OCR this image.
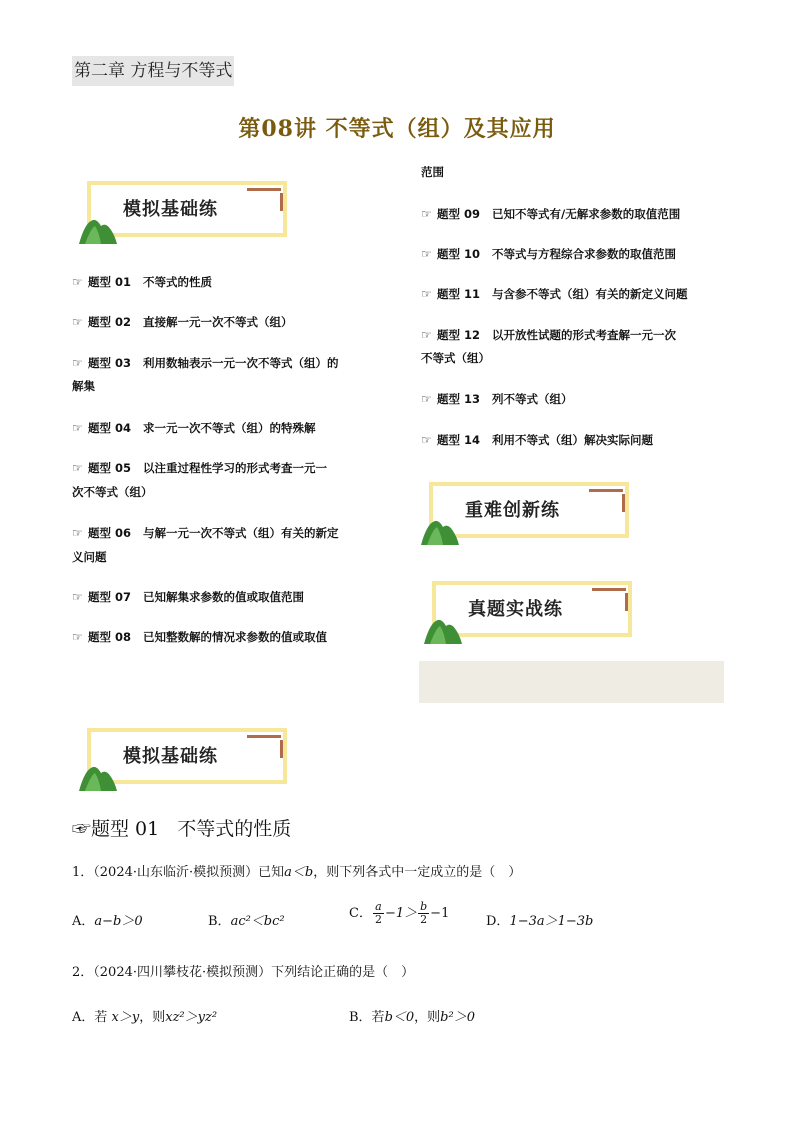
第二章 方程与不等式
第08讲 不等式（组）及其应用
模拟基础练
☞ 题型 01 不等式的性质
☞ 题型 02 直接解一元一次不等式（组）
☞ 题型 03 利用数轴表示一元一次不等式（组）的
解集
☞ 题型 04 求一元一次不等式（组）的特殊解
☞ 题型 05 以注重过程性学习的形式考查一元一
次不等式（组）
☞ 题型 06 与解一元一次不等式（组）有关的新定
义问题
☞ 题型 07 已知解集求参数的值或取值范围
☞ 题型 08 已知整数解的情况求参数的值或取值
范围
☞ 题型 09 已知不等式有/无解求参数的取值范围
☞ 题型 10 不等式与方程综合求参数的取值范围
☞ 题型 11 与含参不等式（组）有关的新定义问题
☞ 题型 12 以开放性试题的形式考查解一元一次
不等式（组）
☞ 题型 13 列不等式（组）
☞ 题型 14 利用不等式（组）解决实际问题
重难创新练
真题实战练
模拟基础练
☞题型 01 不等式的性质
1．（2024·山东临沂·模拟预测）已知a＜b，则下列各式中一定成立的是（　）
A．a−b＞0	B．ac²＜bc²
C． $\frac{a}{2} -1> \frac{b}{2} -1$
D．1−3a＞1−3b
2．（2024·四川攀枝花·模拟预测）下列结论正确的是（　）
A．若 x＞y，则xz²＞yz²	B．若b＜0，则b²＞0
